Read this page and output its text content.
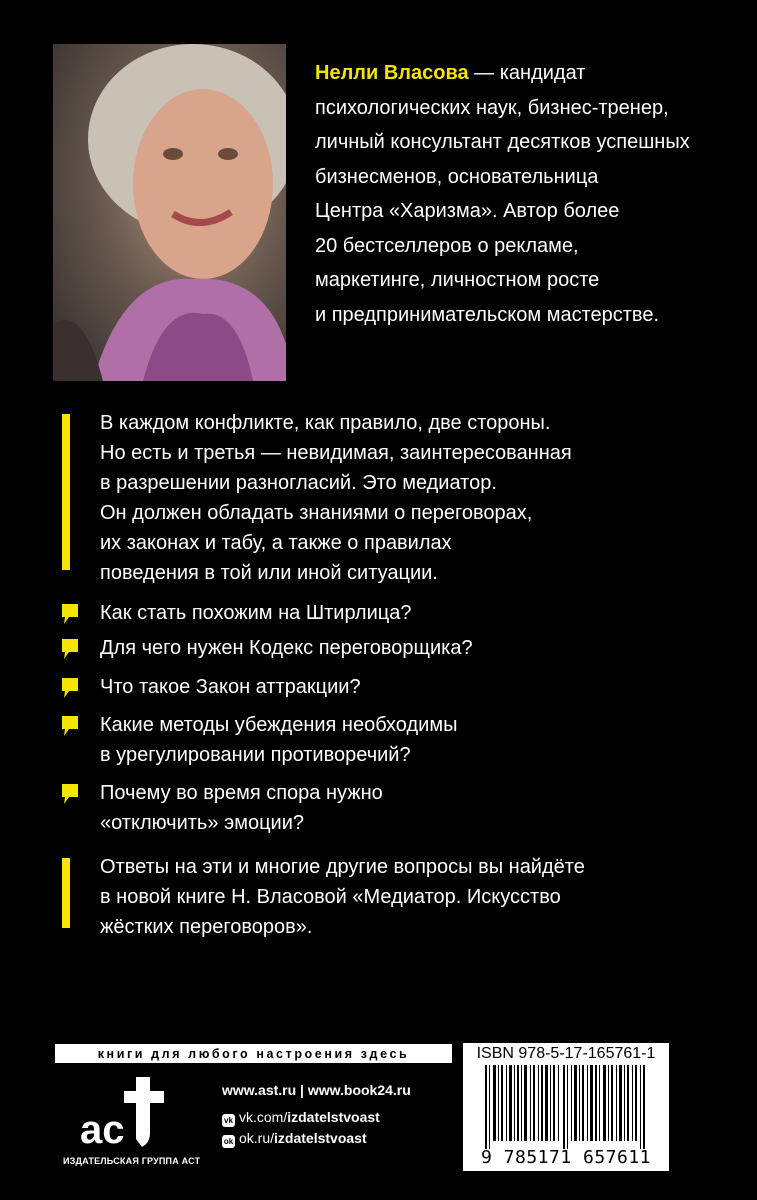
Нелли Власова — кандидат
психологических наук, бизнес-тренер,
личный консультант десятков успешных
бизнесменов, основательница
Центра «Харизма». Автор более
20 бестселлеров о рекламе,
маркетинге, личностном росте
и предпринимательском мастерстве.

В каждом конфликте, как правило, две стороны.
Но есть и третья — невидимая, заинтересованная
в разрешении разногласий. Это медиатор.
Он должен обладать знаниями о переговорах,
их законах и табу, а также о правилах
поведения в той или иной ситуации.

Как стать похожим на Штирлица?

Для чего нужен Кодекс переговорщика?

Что такое Закон аттракции?

Какие методы убеждения необходимы
в урегулировании противоречий?

Почему во время спора нужно
«отключить» эмоции?

Ответы на эти и многие другие вопросы вы найдёте
в новой книге Н. Власовой «Медиатор. Искусство
жёстких переговоров».

книги для любого настроения здесь
ac
ИЗДАТЕЛЬСКАЯ ГРУППА АСТ
www.ast.ru | www.book24.ru
vk vk.com/izdatelstvoast
ok ok.ru/izdatelstvoast
ISBN 978-5-17-165761-1
9 785171 657611
